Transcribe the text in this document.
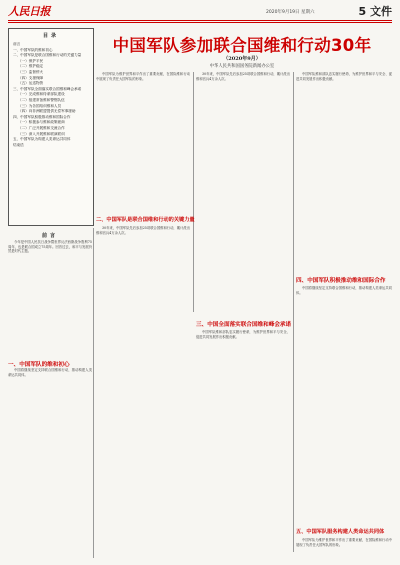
人民日报	2020年9月19日 星期六	5 文件
目录
前言
一、中国军队的维和初心
二、中国军队是联合国维和行动的关键力量
（一）保护平民
（二）维护稳定
（三）监督停火
（四）支援保障
（五）运送物资
三、中国军队全面落实联合国维和峰会承诺
（一）完成维和待命部队建设
（二）组建常备维和警察队伍
（三）为各国培训维和人员
（四）向非洲联盟提供无偿军事援助
四、中国军队积极推动维和国际合作
（一）积极参与维和政策磋商
（二）广泛开展维和交流合作
（三）深入开展维和联演联训
五、中国军队为构建人类命运共同体
结束语
中国军队参加联合国维和行动30年
（2020年9月）
中华人民共和国国务院新闻办公室

中国军队为维护世界和平作出了重要贡献，在国际维和行动中展现了负责任大国军队的形象。

30年来，中国军队先后参加25项联合国维和行动，累计派出维和官兵4万余人次。

中国军队维和部队忠实履行使命，为维护世界和平与安全、促进共同发展作出积极贡献。

前言

今年是中国人民抗日战争暨世界反法西斯战争胜利75周年，也是联合国成立75周年。回首过去，和平与发展仍然是时代主题。

一、中国军队的维和初心

中国将继续坚定支持联合国维和行动，推动构建人类命运共同体。

二、中国军队是联合国维和行动的关键力量

30年来，中国军队先后参加25项联合国维和行动，累计派出维和官兵4万余人次。

三、中国全面落实联合国维和峰会承诺

中国军队维和部队忠实履行使命，为维护世界和平与安全、促进共同发展作出积极贡献。

四、中国军队积极推动维和国际合作

中国将继续坚定支持联合国维和行动，推动构建人类命运共同体。

五、中国军队服务构建人类命运共同体

中国军队为维护世界和平作出了重要贡献，在国际维和行动中展现了负责任大国军队的形象。
